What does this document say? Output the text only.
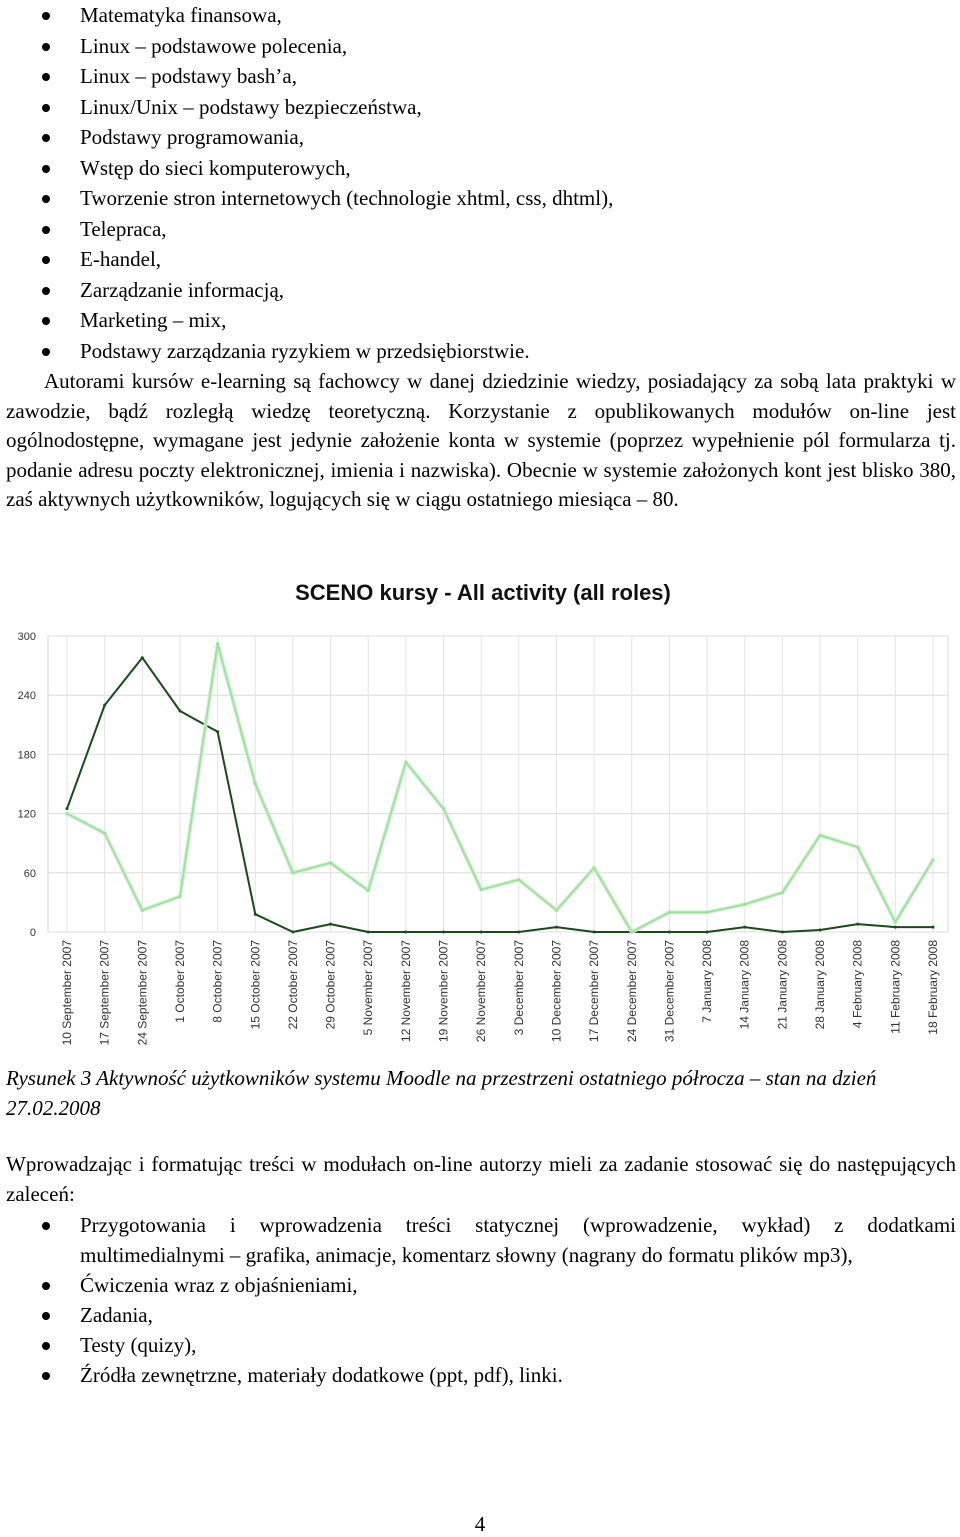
Matematyka finansowa,
Linux – podstawowe polecenia,
Linux – podstawy bash’a,
Linux/Unix – podstawy bezpieczeństwa,
Podstawy programowania,
Wstęp do sieci komputerowych,
Tworzenie stron internetowych (technologie xhtml, css, dhtml),
Telepraca,
E-handel,
Zarządzanie informacją,
Marketing – mix,
Podstawy zarządzania ryzykiem w przedsiębiorstwie.

Autorami kursów e-learning są fachowcy w danej dziedzinie wiedzy, posiadający za sobą lata praktyki w zawodzie, bądź rozległą wiedzę teoretyczną. Korzystanie z opublikowanych modułów on-line jest ogólnodostępne, wymagane jest jedynie założenie konta w systemie (poprzez wypełnienie pól formularza tj. podanie adresu poczty elektronicznej, imienia i nazwiska). Obecnie w systemie założonych kont jest blisko 380, zaś aktywnych użytkowników, logujących się w ciągu ostatniego miesiąca – 80.

SCENO kursy - All activity (all roles)
300
240
180
120
60
0
10 September 2007 17 September 2007 24 September 2007 1 October 2007 8 October 2007 15 October 2007 22 October 2007 29 October 2007 5 November 2007 12 November 2007 19 November 2007 26 November 2007 3 December 2007 10 December 2007 17 December 2007 24 December 2007 31 December 2007 7 January 2008 14 January 2008 21 January 2008 28 January 2008 4 February 2008 11 February 2008 18 February 2008

Rysunek 3 Aktywność użytkowników systemu Moodle na przestrzeni ostatniego półrocza – stan na dzień 27.02.2008

Wprowadzając i formatując treści w modułach on-line autorzy mieli za zadanie stosować się do następujących zaleceń:

Przygotowania i wprowadzenia treści statycznej (wprowadzenie, wykład) z dodatkami multimedialnymi – grafika, animacje, komentarz słowny (nagrany do formatu plików mp3),
Ćwiczenia wraz z objaśnieniami,
Zadania,
Testy (quizy),
Źródła zewnętrzne, materiały dodatkowe (ppt, pdf), linki.
4
